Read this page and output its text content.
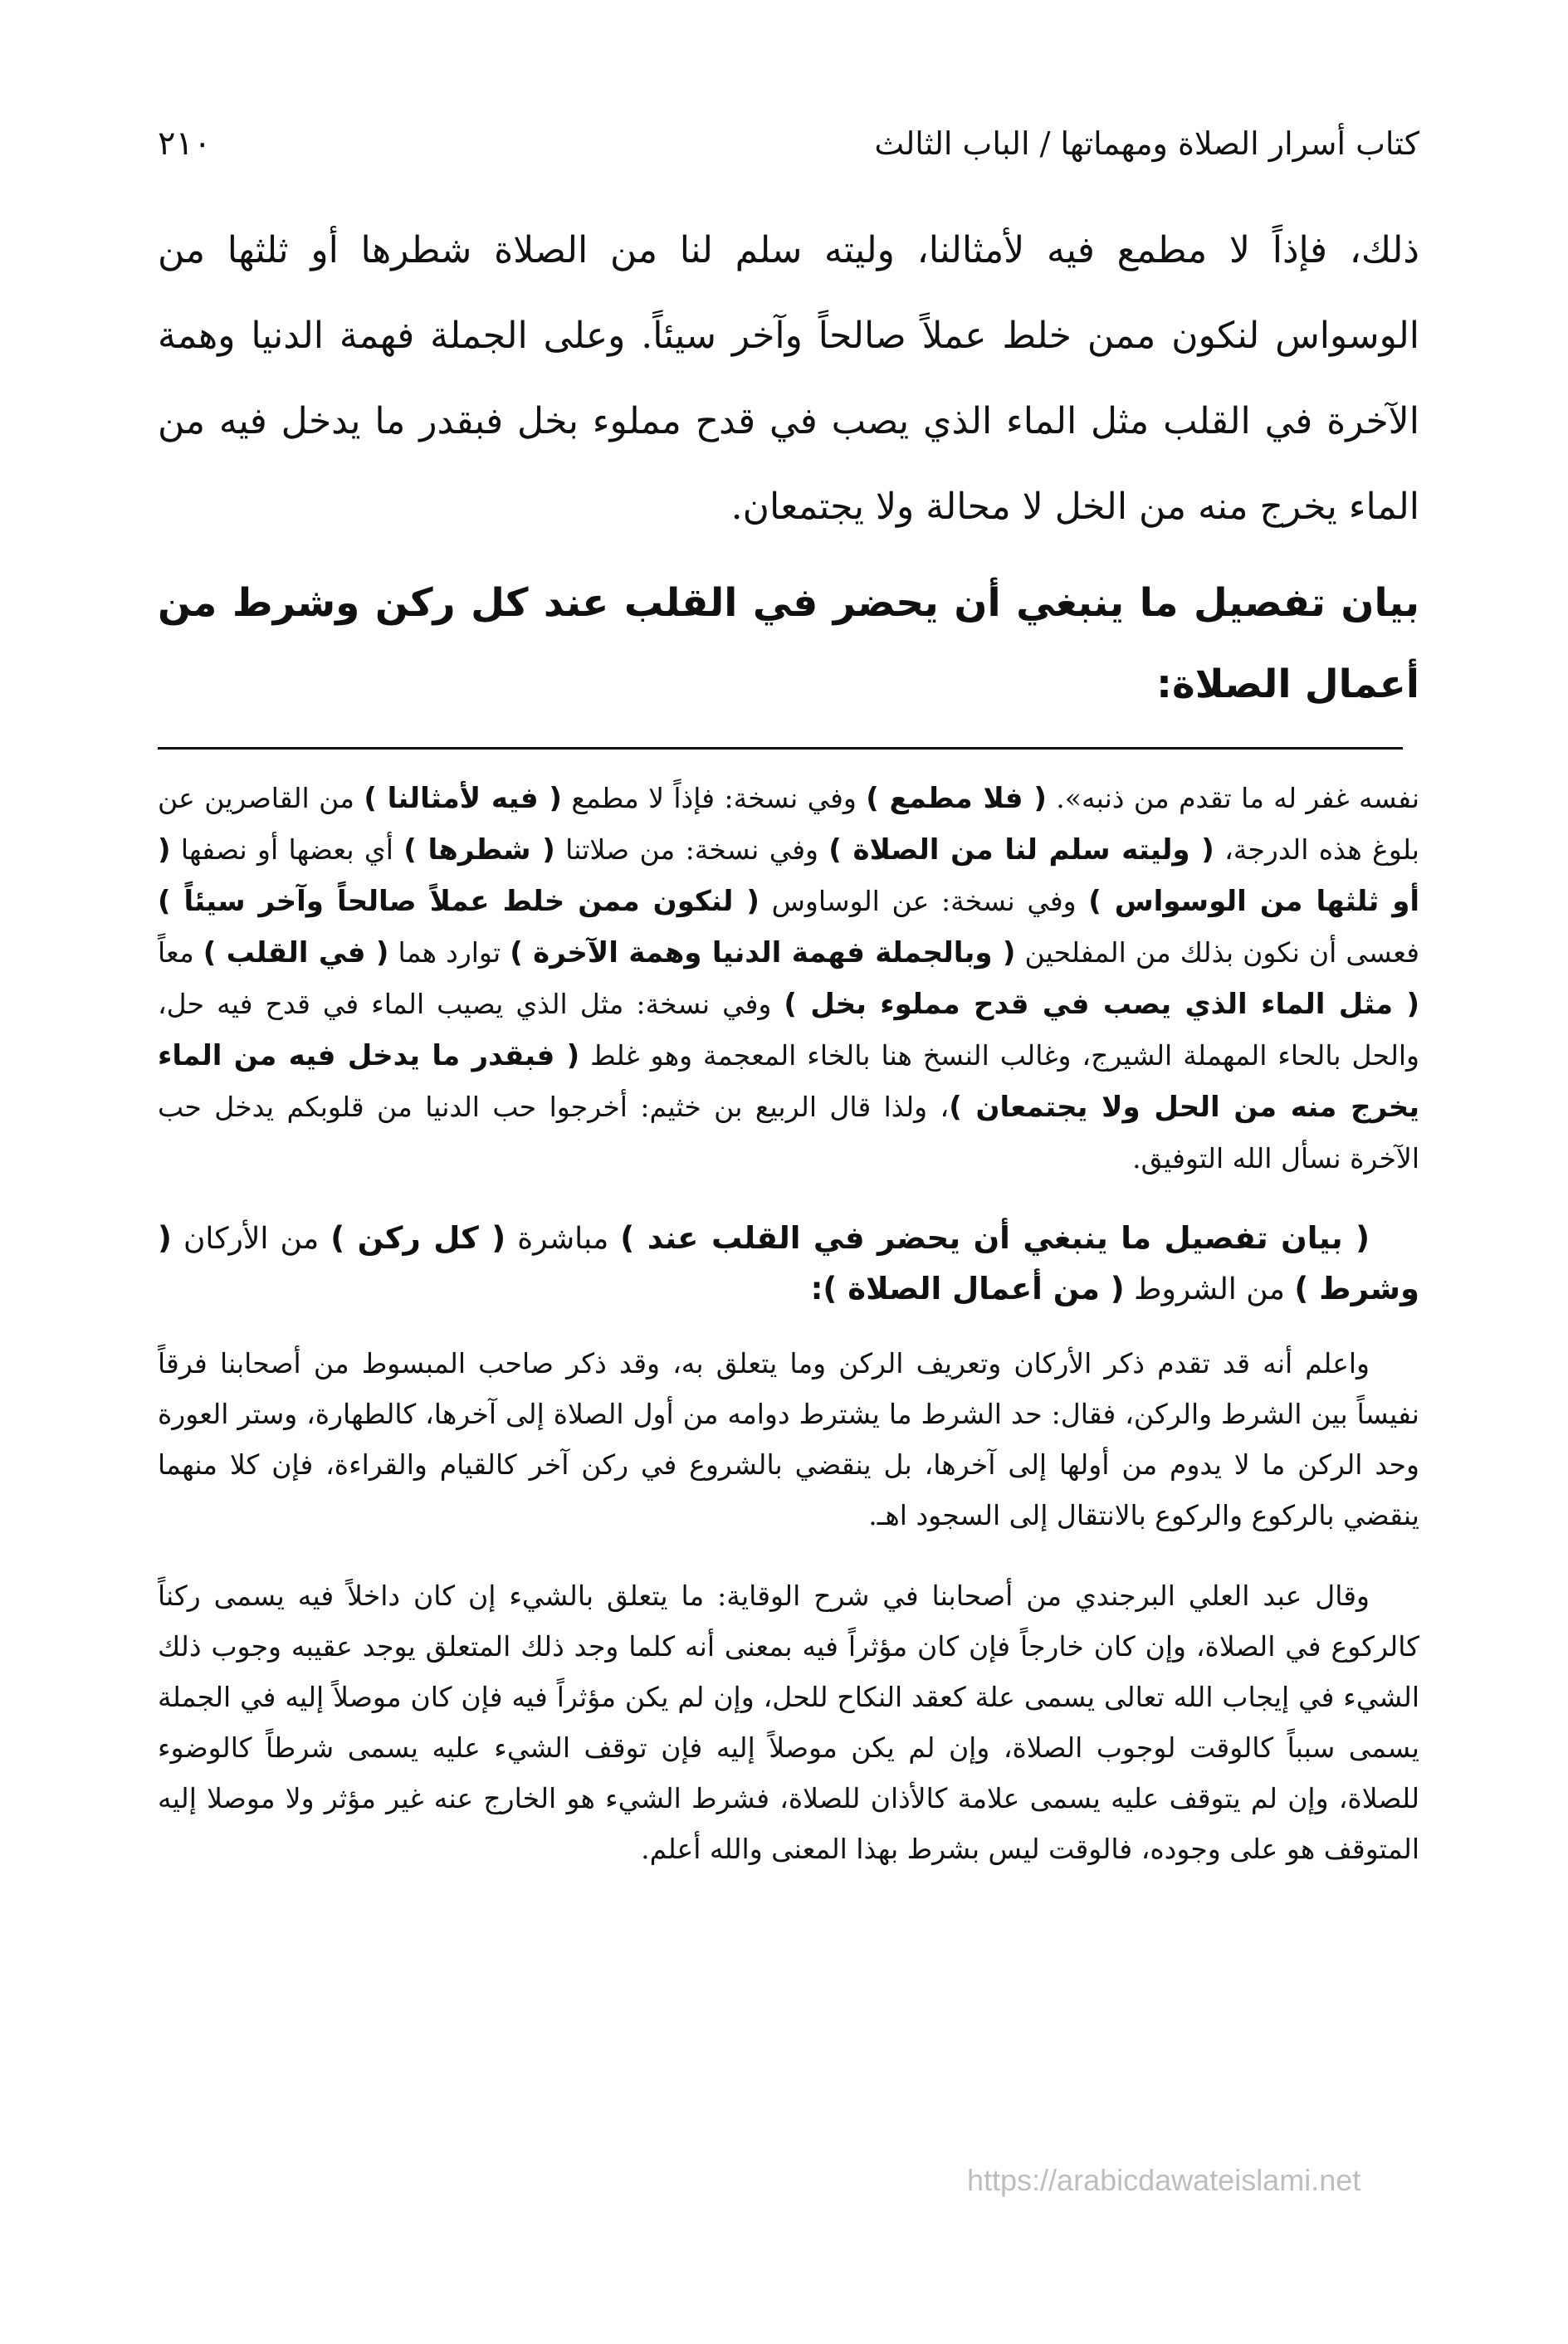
كتاب أسرار الصلاة ومهماتها / الباب الثالث
٢١٠

ذلك، فإذاً لا مطمع فيه لأمثالنا، وليته سلم لنا من الصلاة شطرها أو ثلثها من الوسواس لنكون ممن خلط عملاً صالحاً وآخر سيئاً. وعلى الجملة فهمة الدنيا وهمة الآخرة في القلب مثل الماء الذي يصب في قدح مملوء بخل فبقدر ما يدخل فيه من الماء يخرج منه من الخل لا محالة ولا يجتمعان.

بيان تفصيل ما ينبغي أن يحضر في القلب عند كل ركن وشرط من أعمال الصلاة:

نفسه غفر له ما تقدم من ذنبه». ( فلا مطمع ) وفي نسخة: فإذاً لا مطمع ( فيه لأمثالنا ) من القاصرين عن بلوغ هذه الدرجة، ( وليته سلم لنا من الصلاة ) وفي نسخة: من صلاتنا ( شطرها ) أي بعضها أو نصفها ( أو ثلثها من الوسواس ) وفي نسخة: عن الوساوس ( لنكون ممن خلط عملاً صالحاً وآخر سيئاً ) فعسى أن نكون بذلك من المفلحين ( وبالجملة فهمة الدنيا وهمة الآخرة ) توارد هما ( في القلب ) معاً ( مثل الماء الذي يصب في قدح مملوء بخل ) وفي نسخة: مثل الذي يصيب الماء في قدح فيه حل، والحل بالحاء المهملة الشيرج، وغالب النسخ هنا بالخاء المعجمة وهو غلط ( فبقدر ما يدخل فيه من الماء يخرج منه من الحل ولا يجتمعان )، ولذا قال الربيع بن خثيم: أخرجوا حب الدنيا من قلوبكم يدخل حب الآخرة نسأل الله التوفيق.

( بيان تفصيل ما ينبغي أن يحضر في القلب عند ) مباشرة ( كل ركن ) من الأركان ( وشرط ) من الشروط ( من أعمال الصلاة ):

واعلم أنه قد تقدم ذكر الأركان وتعريف الركن وما يتعلق به، وقد ذكر صاحب المبسوط من أصحابنا فرقاً نفيساً بين الشرط والركن، فقال: حد الشرط ما يشترط دوامه من أول الصلاة إلى آخرها، كالطهارة، وستر العورة وحد الركن ما لا يدوم من أولها إلى آخرها، بل ينقضي بالشروع في ركن آخر كالقيام والقراءة، فإن كلا منهما ينقضي بالركوع والركوع بالانتقال إلى السجود اهـ.

وقال عبد العلي البرجندي من أصحابنا في شرح الوقاية: ما يتعلق بالشيء إن كان داخلاً فيه يسمى ركناً كالركوع في الصلاة، وإن كان خارجاً فإن كان مؤثراً فيه بمعنى أنه كلما وجد ذلك المتعلق يوجد عقيبه وجوب ذلك الشيء في إيجاب الله تعالى يسمى علة كعقد النكاح للحل، وإن لم يكن مؤثراً فيه فإن كان موصلاً إليه في الجملة يسمى سبباً كالوقت لوجوب الصلاة، وإن لم يكن موصلاً إليه فإن توقف الشيء عليه يسمى شرطاً كالوضوء للصلاة، وإن لم يتوقف عليه يسمى علامة كالأذان للصلاة، فشرط الشيء هو الخارج عنه غير مؤثر ولا موصلا إليه المتوقف هو على وجوده، فالوقت ليس بشرط بهذا المعنى والله أعلم.

https://arabicdawateislami.net
